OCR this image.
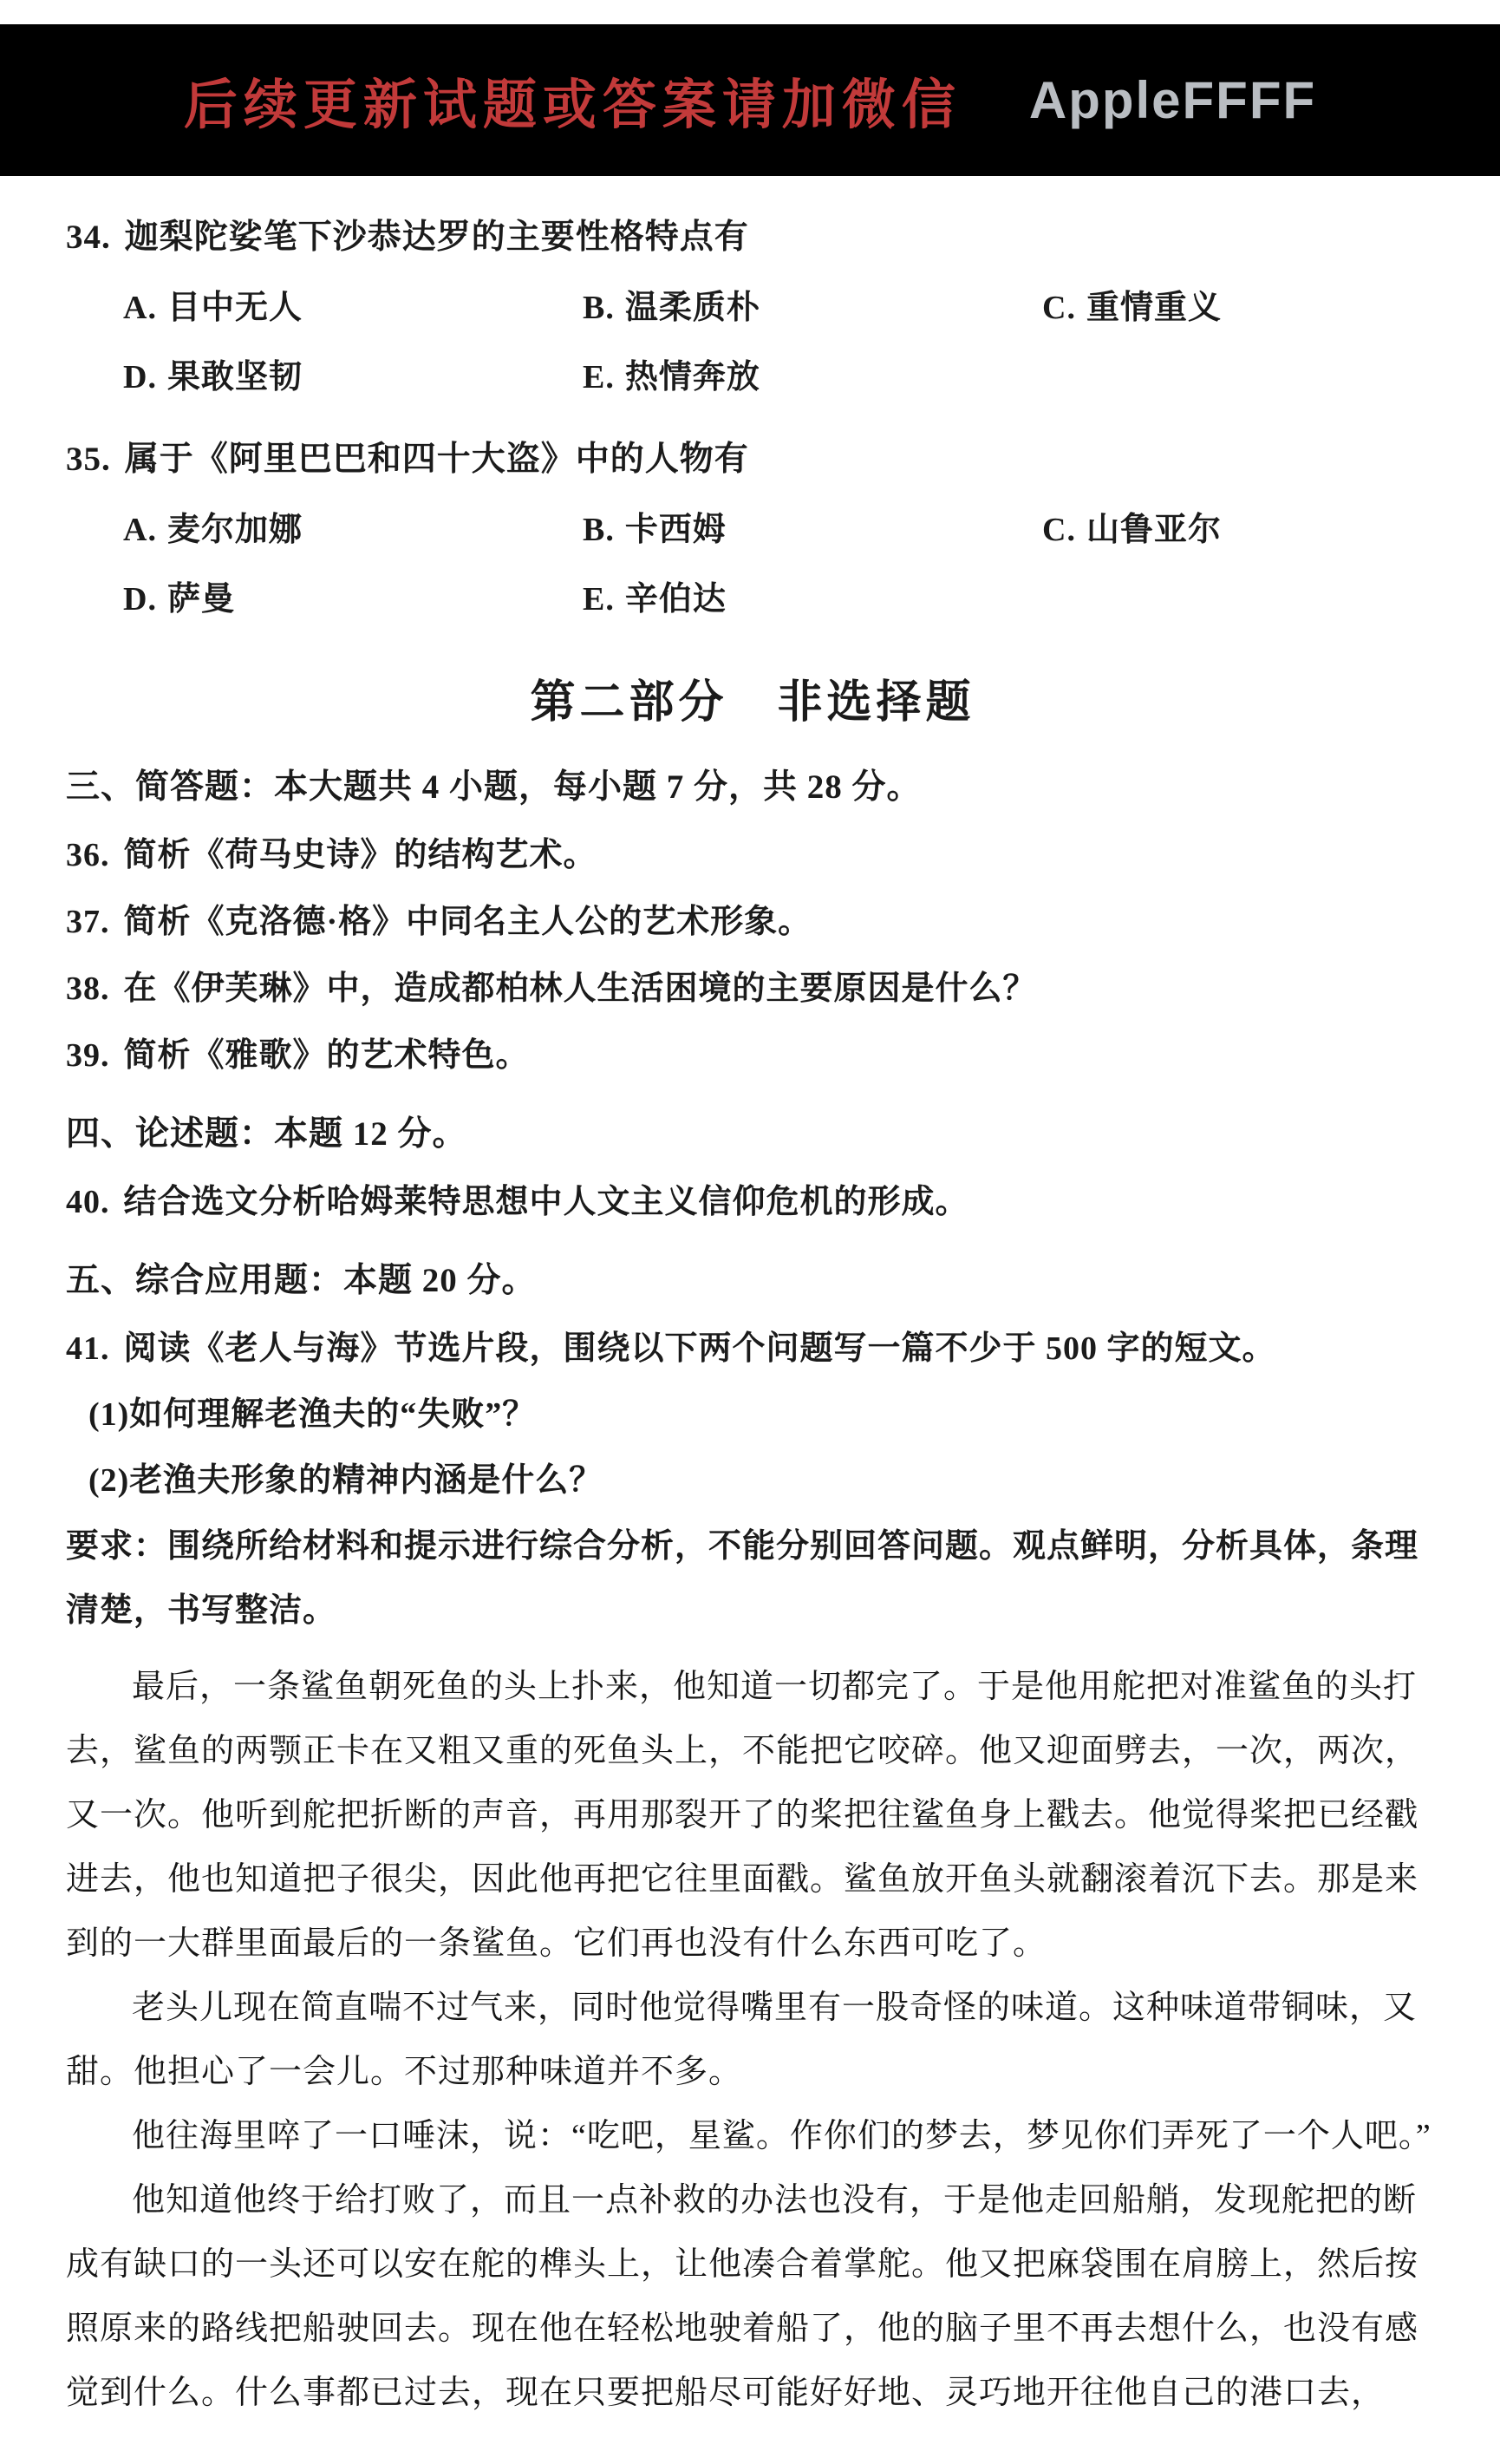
后续更新试题或答案请加微信 AppleFFFF
34. 迦梨陀娑笔下沙恭达罗的主要性格特点有
A. 目中无人	B. 温柔质朴	C. 重情重义
D. 果敢坚韧	E. 热情奔放
35. 属于《阿里巴巴和四十大盗》中的人物有
A. 麦尔加娜	B. 卡西姆	C. 山鲁亚尔
D. 萨曼	E. 辛伯达
第二部分　非选择题
三、简答题：本大题共 4 小题，每小题 7 分，共 28 分。
36. 简析《荷马史诗》的结构艺术。
37. 简析《克洛德·格》中同名主人公的艺术形象。
38. 在《伊芙琳》中，造成都柏林人生活困境的主要原因是什么？
39. 简析《雅歌》的艺术特色。
四、论述题：本题 12 分。
40. 结合选文分析哈姆莱特思想中人文主义信仰危机的形成。
五、综合应用题：本题 20 分。
41. 阅读《老人与海》节选片段，围绕以下两个问题写一篇不少于 500 字的短文。
(1)如何理解老渔夫的“失败”？
(2)老渔夫形象的精神内涵是什么？
要求：围绕所给材料和提示进行综合分析，不能分别回答问题。观点鲜明，分析具体，条理清楚，书写整洁。

最后，一条鲨鱼朝死鱼的头上扑来，他知道一切都完了。于是他用舵把对准鲨鱼的头打去，鲨鱼的两颚正卡在又粗又重的死鱼头上，不能把它咬碎。他又迎面劈去，一次，两次，又一次。他听到舵把折断的声音，再用那裂开了的桨把往鲨鱼身上戳去。他觉得桨把已经戳进去，他也知道把子很尖，因此他再把它往里面戳。鲨鱼放开鱼头就翻滚着沉下去。那是来到的一大群里面最后的一条鲨鱼。它们再也没有什么东西可吃了。

老头儿现在简直喘不过气来，同时他觉得嘴里有一股奇怪的味道。这种味道带铜味，又甜。他担心了一会儿。不过那种味道并不多。

他往海里啐了一口唾沫，说：“吃吧，星鲨。作你们的梦去，梦见你们弄死了一个人吧。”

他知道他终于给打败了，而且一点补救的办法也没有，于是他走回船艄，发现舵把的断成有缺口的一头还可以安在舵的榫头上，让他凑合着掌舵。他又把麻袋围在肩膀上，然后按照原来的路线把船驶回去。现在他在轻松地驶着船了，他的脑子里不再去想什么，也没有感觉到什么。什么事都已过去，现在只要把船尽可能好好地、灵巧地开往他自己的港口去，
